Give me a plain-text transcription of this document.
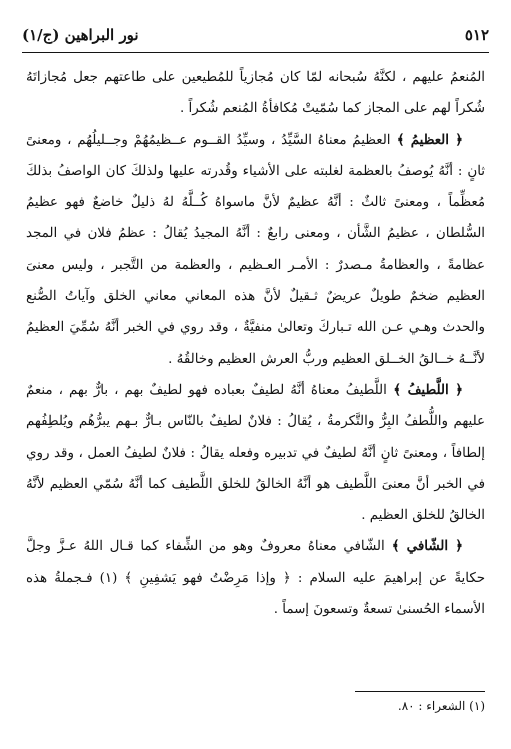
٥١٢
نور البراهين (ج/١)

المُنعمُ عليهم ، لكنَّهُ سُبحانه لمّا كان مُجازياً للمُطيعين على طاعتهم جعل مُجازاتَهُ شُكراً لهم على المجاز كما سُمّيتْ مُكافأةُ المُنعم شُكراً .

﴿ العظيمُ ﴾ العظيمُ معناهُ السَّيِّدُ ، وسيِّدُ القــوم عــظيمُهُمْ وجــليلُهُم ، ومعنىً ثانٍ : أنَّهُ يُوصفُ بالعظمة لغلبته على الأشياء وقُدرته عليها ولذلكَ كان الواصفُ بذلكَ مُعظِّماً ، ومعنىً ثالثٌ : أنَّهُ عظيمٌ لأنَّ ماسواهُ كُــلَّهُ لهُ ذليلٌ خاضعٌ فهو عظيمُ السُّلطان ، عظيمُ الشَّأن ، ومعنى رابعٌ : أنَّهُ المجيدُ يُقالُ : عظمُ فلان في المجد عظامةً ، والعظامةُ مـصدرٌ : الأمـر العـظيم ، والعظمة من التَّجبر ، وليس معنىَ العظيم ضخمٌ طويلٌ عريضٌ ثـقيلٌ لأنَّ هذه المعاني معاني الخلق وآياتُ الصُّنع والحدث وهـي عـن الله تـباركَ وتعالىٰ منفيَّةٌ ، وقد روي في الخبر أنَّهُ سُمِّيَ العظيمُ لأنَّــهُ خــالقُ الخــلق العظيم وربُّ العرش العظيم وخالقُهُ .

﴿ اللَّطيفُ ﴾ اللَّطيفُ معناهُ أنَّهُ لطيفٌ بعباده فهو لطيفٌ بهم ، بارٌّ بهم ، منعمٌ عليهم واللُّطفُ البِرُّ والتَّكرمةُ ، يُقالُ : فلانٌ لطيفٌ بالنّاس بـارٌّ بـهم يبرُّهُم ويُلطِفُهم إلطافاً ، ومعنىً ثانٍ أنَّهُ لطيفٌ في تدبيره وفعله يقالُ : فلانٌ لطيفُ العمل ، وقد روي في الخبر أنَّ معنىَ اللَّطيف هو أنَّهُ الخالقُ للخلق اللَّطيف كما أنَّهُ سُمّي العظيم لأنَّهُ الخالقُ للخلق العظيم .

﴿ الشّافي ﴾ الشّافي معناهُ معروفٌ وهو من الشِّفاء كما قـال اللهُ عـزَّ وجلَّ حكايةً عن إبراهيمَ عليه السلام : ﴿ وإذا مَرِضْتُ فهو يَشفِينِ ﴾ (١) فـجملةُ هذه الأسماء الحُسنىٰ تسعةٌ وتسعونَ إسماً .

(١) الشعراء : ٨٠.
